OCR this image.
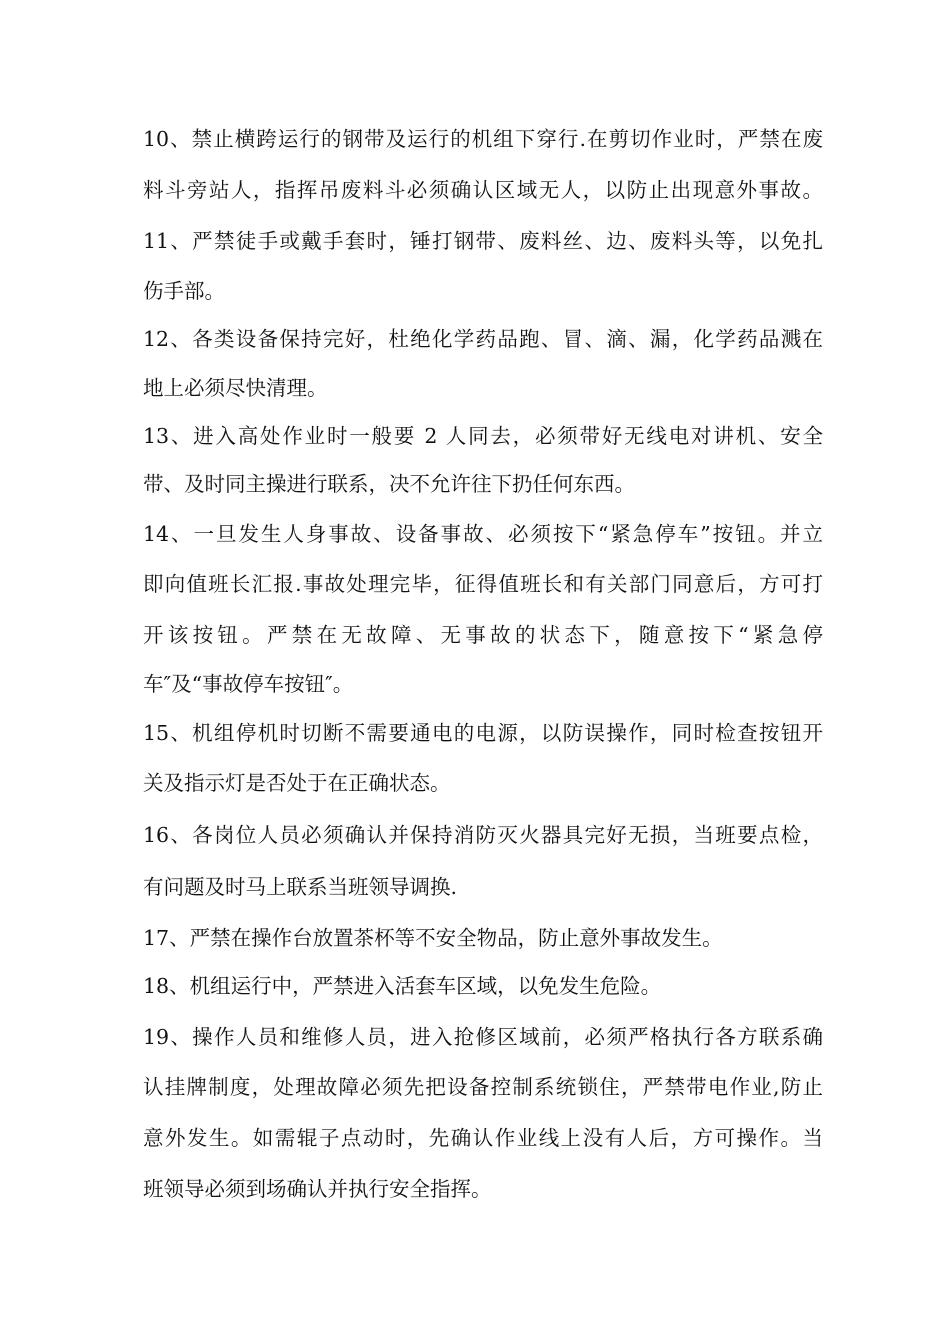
10、禁止横跨运行的钢带及运行的机组下穿行.在剪切作业时，严禁在废
料斗旁站人，指挥吊废料斗必须确认区域无人，以防止出现意外事故。
11、严禁徒手或戴手套时，锤打钢带、废料丝、边、废料头等，以免扎
伤手部。
12、各类设备保持完好，杜绝化学药品跑、冒、滴、漏，化学药品溅在
地上必须尽快清理。
13、进入高处作业时一般要 2 人同去，必须带好无线电对讲机、安全
带、及时同主操进行联系，决不允许往下扔任何东西。
14、一旦发生人身事故、设备事故、必须按下“紧急停车”按钮。并立
即向值班长汇报.事故处理完毕，征得值班长和有关部门同意后，方可打
开该按钮。严禁在无故障、无事故的状态下，随意按下“紧急停
车″及“事故停车按钮″。
15、机组停机时切断不需要通电的电源，以防误操作，同时检查按钮开
关及指示灯是否处于在正确状态。
16、各岗位人员必须确认并保持消防灭火器具完好无损，当班要点检，
有问题及时马上联系当班领导调换.
17、严禁在操作台放置茶杯等不安全物品，防止意外事故发生。
18、机组运行中，严禁进入活套车区域，以免发生危险。
19、操作人员和维修人员，进入抢修区域前，必须严格执行各方联系确
认挂牌制度，处理故障必须先把设备控制系统锁住，严禁带电作业,防止
意外发生。如需辊子点动时，先确认作业线上没有人后，方可操作。当
班领导必须到场确认并执行安全指挥。
